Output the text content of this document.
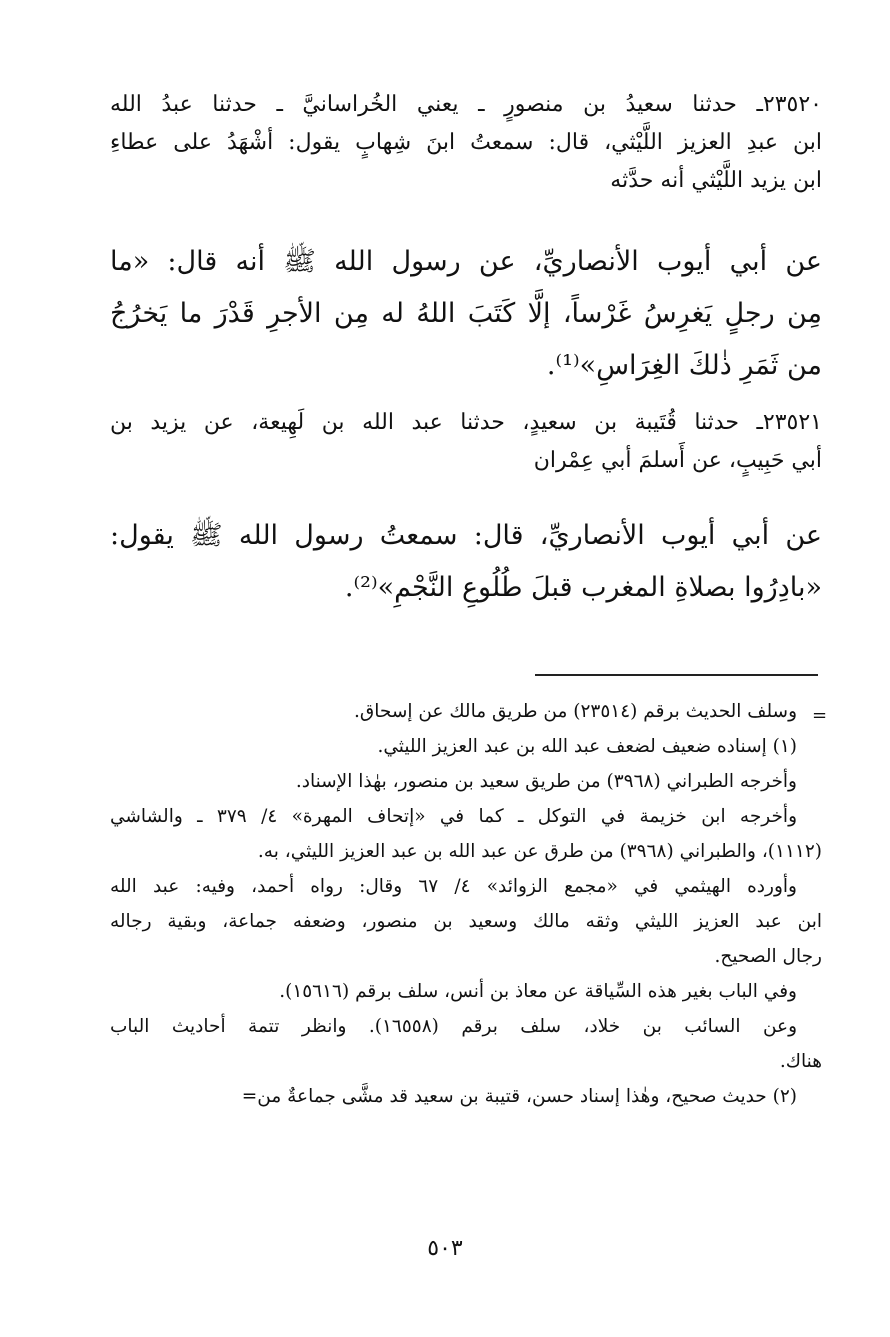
٢٣٥٢٠ـ حدثنا سعيدُ بن منصورٍ ـ يعني الخُراسانيَّ ـ حدثنا عبدُ الله
ابن عبدِ العزيز اللَّيْثي، قال: سمعتُ ابنَ شِهابٍ يقول: أشْهَدُ على عطاءِ
ابن يزيد اللَّيْثي أنه حدَّثه
عن أبي أيوب الأنصاريِّ، عن رسول الله ﷺ أنه قال: «ما
مِن رجلٍ يَغرِسُ غَرْساً، إلَّا كَتَبَ اللهُ له مِن الأجرِ قَدْرَ ما يَخرُجُ
من ثَمَرِ ذٰلكَ الغِرَاسِ»⁽¹⁾.
٢٣٥٢١ـ حدثنا قُتَيبة بن سعيدٍ، حدثنا عبد الله بن لَهِيعة، عن يزيد بن
أبي حَبِيبٍ، عن أَسلمَ أبي عِمْران
عن أبي أيوب الأنصاريِّ، قال: سمعتُ رسول الله ﷺ يقول:
«بادِرُوا بصلاةِ المغرب قبلَ طُلُوعِ النَّجْمِ»⁽²⁾.
=
وسلف الحديث برقم (٢٣٥١٤) من طريق مالك عن إسحاق.
(١) إسناده ضعيف لضعف عبد الله بن عبد العزيز الليثي.
وأخرجه الطبراني (٣٩٦٨) من طريق سعيد بن منصور، بهٰذا الإسناد.
وأخرجه ابن خزيمة في التوكل ـ كما في «إتحاف المهرة» ٤/ ٣٧٩ ـ والشاشي
(١١١٢)، والطبراني (٣٩٦٨) من طرق عن عبد الله بن عبد العزيز الليثي، به.
وأورده الهيثمي في «مجمع الزوائد» ٤/ ٦٧ وقال: رواه أحمد، وفيه: عبد الله
ابن عبد العزيز الليثي وثقه مالك وسعيد بن منصور، وضعفه جماعة، وبقية رجاله
رجال الصحيح.
وفي الباب بغير هذه السِّياقة عن معاذ بن أنس، سلف برقم (١٥٦١٦).
وعن السائب بن خلاد، سلف برقم (١٦٥٥٨). وانظر تتمة أحاديث الباب
هناك.
(٢) حديث صحيح، وهٰذا إسناد حسن، قتيبة بن سعيد قد مشَّى جماعةٌ من=
٥٠٣
